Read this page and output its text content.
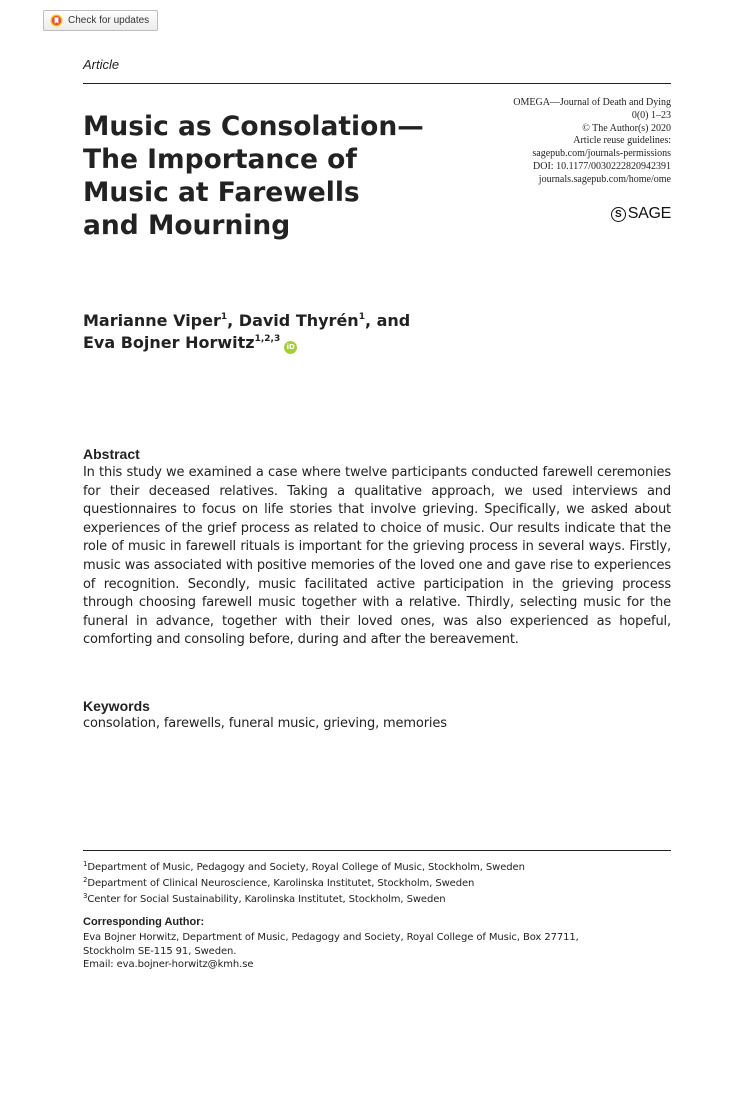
Check for updates
Article
Music as Consolation—
The Importance of
Music at Farewells
and Mourning
OMEGA—Journal of Death and Dying
0(0) 1–23
© The Author(s) 2020
Article reuse guidelines:
sagepub.com/journals-permissions
DOI: 10.1177/0030222820942391
journals.sagepub.com/home/ome
S SAGE
Marianne Viper$^1$, David Thyrén$^1$, and
Eva Bojner Horwitz$^{1,2,3}$iD
Abstract

In this study we examined a case where twelve participants conducted farewell ceremonies for their deceased relatives. Taking a qualitative approach, we used interviews and questionnaires to focus on life stories that involve grieving. Specifically, we asked about experiences of the grief process as related to choice of music. Our results indicate that the role of music in farewell rituals is important for the grieving process in several ways. Firstly, music was associated with positive memories of the loved one and gave rise to experiences of recognition. Secondly, music facilitated active participation in the grieving process through choosing farewell music together with a relative. Thirdly, selecting music for the funeral in advance, together with their loved ones, was also experienced as hopeful, comforting and consoling before, during and after the bereavement.

Keywords
consolation, farewells, funeral music, grieving, memories
$^1$Department of Music, Pedagogy and Society, Royal College of Music, Stockholm, Sweden
$^2$Department of Clinical Neuroscience, Karolinska Institutet, Stockholm, Sweden
$^3$Center for Social Sustainability, Karolinska Institutet, Stockholm, Sweden
Corresponding Author:
Eva Bojner Horwitz, Department of Music, Pedagogy and Society, Royal College of Music, Box 27711,
Stockholm SE-115 91, Sweden.
Email: eva.bojner-horwitz@kmh.se
